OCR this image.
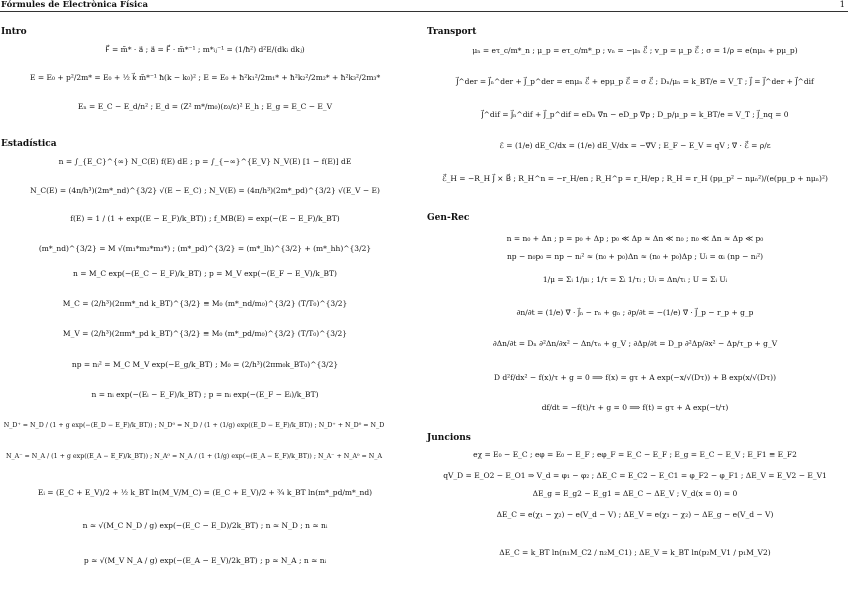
Fórmules de Electrònica Física	1
Intro
F⃗ = m̃* · a⃗ ; a⃗ = F⃗ · m̃*⁻¹ ; m*ᵢⱼ⁻¹ = (1/ħ²) d²E/(dkᵢ dkⱼ)
E = E₀ + p²/2m* = E₀ + ½ k⃗ m̃*⁻¹ ħ(k − k₀)² ; E = E₀ + ħ²k₁²/2m₁* + ħ²k₂²/2m₂* + ħ²k₃²/2m₃*
Eₙ = E_C − E_d/n² ; E_d = (Z² m*/m₀)(ε₀/ε)² E_h ; E_g = E_C − E_V
Estadística
n = ∫_{E_C}^{∞} N_C(E) f(E) dE ; p = ∫_{−∞}^{E_V} N_V(E) [1 − f(E)] dE
N_C(E) = (4π/h³)(2m*_nd)^{3/2} √(E − E_C) ; N_V(E) = (4π/h³)(2m*_pd)^{3/2} √(E_V − E)
f(E) = 1 / (1 + exp((E − E_F)/k_BT)) ; f_MB(E) = exp(−(E − E_F)/k_BT)
(m*_nd)^{3/2} = M √(m₁*m₂*m₃*) ; (m*_pd)^{3/2} = (m*_lh)^{3/2} + (m*_hh)^{3/2}
n = M_C exp(−(E_C − E_F)/k_BT) ; p = M_V exp(−(E_F − E_V)/k_BT)
M_C = (2/h³)(2πm*_nd k_BT)^{3/2} ≡ M₀ (m*_nd/m₀)^{3/2} (T/T₀)^{3/2}
M_V = (2/h³)(2πm*_pd k_BT)^{3/2} ≡ M₀ (m*_pd/m₀)^{3/2} (T/T₀)^{3/2}
np = nᵢ² = M_C M_V exp(−E_g/k_BT) ; M₀ = (2/h³)(2πm₀k_BT₀)^{3/2}
n = nᵢ exp(−(Eᵢ − E_F)/k_BT) ; p = nᵢ exp(−(E_F − Eᵢ)/k_BT)
N_D⁺ = N_D / (1 + g exp(−(E_D − E_F)/k_BT)) ; N_D⁰ = N_D / (1 + (1/g) exp((E_D − E_F)/k_BT)) ; N_D⁺ + N_D⁰ = N_D
N_A⁻ = N_A / (1 + g exp((E_A − E_F)/k_BT)) ; N_A⁰ = N_A / (1 + (1/g) exp(−(E_A − E_F)/k_BT)) ; N_A⁻ + N_A⁰ = N_A
Eᵢ = (E_C + E_V)/2 + ½ k_BT ln(M_V/M_C) = (E_C + E_V)/2 + ¾ k_BT ln(m*_pd/m*_nd)
n ≃ √(M_C N_D / g) exp(−(E_C − E_D)/2k_BT) ; n ≃ N_D ; n ≃ nᵢ
p ≃ √(M_V N_A / g) exp(−(E_A − E_V)/2k_BT) ; p ≃ N_A ; n ≃ nᵢ
Transport
μₙ = eτ_c/m*_n ; μ_p = eτ_c/m*_p ; vₙ = −μₙ ℰ⃗ ; v_p = μ_p ℰ⃗ ; σ = 1/ρ = e(nμₙ + pμ_p)
J⃗^der = J⃗ₙ^der + J⃗_p^der = enμₙ ℰ⃗ + epμ_p ℰ⃗ = σ ℰ⃗ ; Dₙ/μₙ = k_BT/e = V_T ; J⃗ = J⃗^der + J⃗^dif
J⃗^dif = J⃗ₙ^dif + J⃗_p^dif = eDₙ ∇⃗n − eD_p ∇⃗p ; D_p/μ_p = k_BT/e = V_T ; J⃗_nq = 0
ℰ = (1/e) dE_C/dx = (1/e) dE_V/dx = −∇⃗V ; E_F − E_V = qV ; ∇⃗ · ℰ⃗ = ρ/ε
ℰ⃗_H = −R_H J⃗ × B⃗ ; R_H^n = −r_H/en ; R_H^p = r_H/ep ; R_H = r_H (pμ_p² − nμₙ²)/(e(pμ_p + nμₙ)²)
Gen-Rec
n = n₀ + Δn ; p = p₀ + Δp ; p₀ ≪ Δp ≈ Δn ≪ n₀ ; n₀ ≪ Δn ≈ Δp ≪ p₀
np − n₀p₀ = np − nᵢ² ≈ (n₀ + p₀)Δn ≈ (n₀ + p₀)Δp ; Uᵢ = αᵢ (np − nᵢ²)
1/μ = Σᵢ 1/μᵢ ; 1/τ = Σᵢ 1/τᵢ ; Uᵢ = Δn/τᵢ ; U = Σᵢ Uᵢ
∂n/∂t = (1/e) ∇⃗ · J⃗ₙ − rₙ + gₙ ; ∂p/∂t = −(1/e) ∇⃗ · J⃗_p − r_p + g_p
∂Δn/∂t = Dₙ ∂²Δn/∂x² − Δn/τₙ + g_V ; ∂Δp/∂t = D_p ∂²Δp/∂x² − Δp/τ_p + g_V
D d²f/dx² − f(x)/τ + g = 0 ⟹ f(x) = gτ + A exp(−x/√(Dτ)) + B exp(x/√(Dτ))
df/dt = −f(t)/τ + g = 0 ⟹ f(t) = gτ + A exp(−t/τ)
Juncions
eχ = E₀ − E_C ; eφ = E₀ − E_F ; eφ_F = E_C − E_F ; E_g = E_C − E_V ; E_F1 ≡ E_F2
qV_D = E_O2 − E_O1 ⇒ V_d = φ₁ − φ₂ ; ΔE_C = E_C2 − E_C1 = φ_F2 − φ_F1 ; ΔE_V = E_V2 − E_V1
ΔE_g = E_g2 − E_g1 = ΔE_C − ΔE_V ; V_d(x = 0) = 0
ΔE_C = e(χ₁ − χ₂) − e(V_d − V) ; ΔE_V = e(χ₁ − χ₂) − ΔE_g − e(V_d − V)
ΔE_C = k_BT ln(n₁M_C2 / n₂M_C1) ; ΔE_V = k_BT ln(p₂M_V1 / p₁M_V2)
